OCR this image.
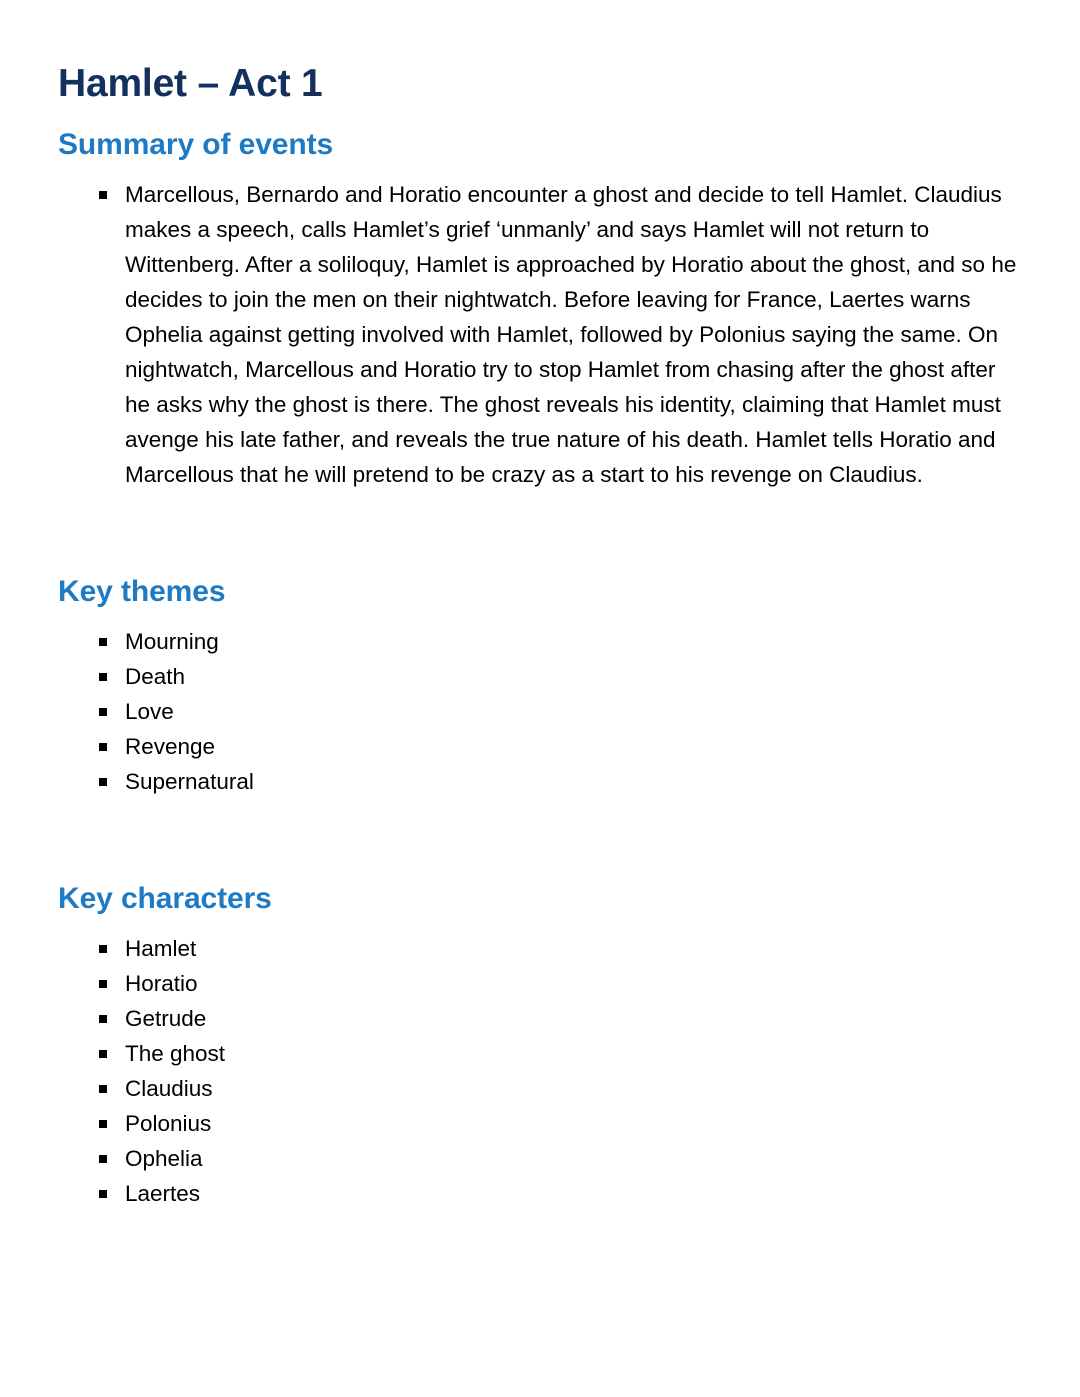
Hamlet – Act 1
Summary of events
Marcellous, Bernardo and Horatio encounter a ghost and decide to tell Hamlet. Claudius makes a speech, calls Hamlet’s grief ‘unmanly’ and says Hamlet will not return to Wittenberg. After a soliloquy, Hamlet is approached by Horatio about the ghost, and so he decides to join the men on their nightwatch. Before leaving for France, Laertes warns Ophelia against getting involved with Hamlet, followed by Polonius saying the same. On nightwatch, Marcellous and Horatio try to stop Hamlet from chasing after the ghost after he asks why the ghost is there. The ghost reveals his identity, claiming that Hamlet must avenge his late father, and reveals the true nature of his death. Hamlet tells Horatio and Marcellous that he will pretend to be crazy as a start to his revenge on Claudius.
Key themes
Mourning
Death
Love
Revenge
Supernatural
Key characters
Hamlet
Horatio
Getrude
The ghost
Claudius
Polonius
Ophelia
Laertes
